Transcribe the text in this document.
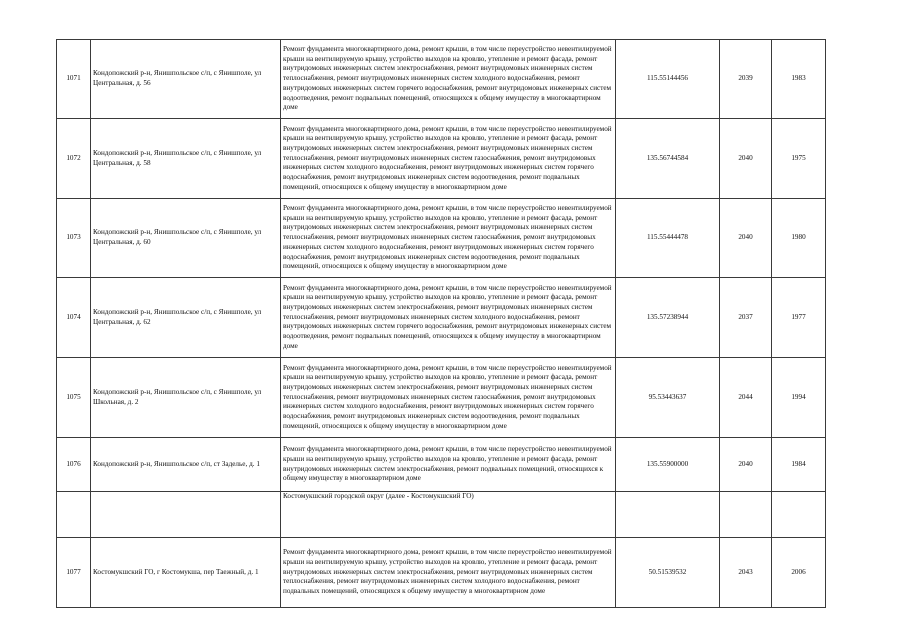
1071	Кондопожский р-н, Янишпольское с/п, с Янишполе, ул Центральная, д. 56	Ремонт фундамента многоквартирного дома, ремонт крыши, в том числе переустройство невентилируемой крыши на вентилируемую крышу, устройство выходов на кровлю, утепление и ремонт фасада, ремонт внутридомовых инженерных систем электроснабжения, ремонт внутридомовых инженерных систем теплоснабжения, ремонт внутридомовых инженерных систем холодного водоснабжения, ремонт внутридомовых инженерных систем горячего водоснабжения, ремонт внутридомовых инженерных систем водоотведения, ремонт подвальных помещений, относящихся к общему имуществу в многоквартирном доме	115.55144456	2039	1983
1072	Кондопожский р-н, Янишпольское с/п, с Янишполе, ул Центральная, д. 58	Ремонт фундамента многоквартирного дома, ремонт крыши, в том числе переустройство невентилируемой крыши на вентилируемую крышу, устройство выходов на кровлю, утепление и ремонт фасада, ремонт внутридомовых инженерных систем электроснабжения, ремонт внутридомовых инженерных систем теплоснабжения, ремонт внутридомовых инженерных систем газоснабжения, ремонт внутридомовых инженерных систем холодного водоснабжения, ремонт внутридомовых инженерных систем горячего водоснабжения, ремонт внутридомовых инженерных систем водоотведения, ремонт подвальных помещений, относящихся к общему имуществу в многоквартирном доме	135.56744584	2040	1975
1073	Кондопожский р-н, Янишпольское с/п, с Янишполе, ул Центральная, д. 60	Ремонт фундамента многоквартирного дома, ремонт крыши, в том числе переустройство невентилируемой крыши на вентилируемую крышу, устройство выходов на кровлю, утепление и ремонт фасада, ремонт внутридомовых инженерных систем электроснабжения, ремонт внутридомовых инженерных систем теплоснабжения, ремонт внутридомовых инженерных систем газоснабжения, ремонт внутридомовых инженерных систем холодного водоснабжения, ремонт внутридомовых инженерных систем горячего водоснабжения, ремонт внутридомовых инженерных систем водоотведения, ремонт подвальных помещений, относящихся к общему имуществу в многоквартирном доме	115.55444478	2040	1980
1074	Кондопожский р-н, Янишпольское с/п, с Янишполе, ул Центральная, д. 62	Ремонт фундамента многоквартирного дома, ремонт крыши, в том числе переустройство невентилируемой крыши на вентилируемую крышу, устройство выходов на кровлю, утепление и ремонт фасада, ремонт внутридомовых инженерных систем электроснабжения, ремонт внутридомовых инженерных систем теплоснабжения, ремонт внутридомовых инженерных систем холодного водоснабжения, ремонт внутридомовых инженерных систем горячего водоснабжения, ремонт внутридомовых инженерных систем водоотведения, ремонт подвальных помещений, относящихся к общему имуществу в многоквартирном доме	135.57238944	2037	1977
1075	Кондопожский р-н, Янишпольское с/п, с Янишполе, ул Школьная, д. 2	Ремонт фундамента многоквартирного дома, ремонт крыши, в том числе переустройство невентилируемой крыши на вентилируемую крышу, устройство выходов на кровлю, утепление и ремонт фасада, ремонт внутридомовых инженерных систем электроснабжения, ремонт внутридомовых инженерных систем теплоснабжения, ремонт внутридомовых инженерных систем газоснабжения, ремонт внутридомовых инженерных систем холодного водоснабжения, ремонт внутридомовых инженерных систем горячего водоснабжения, ремонт внутридомовых инженерных систем водоотведения, ремонт подвальных помещений, относящихся к общему имуществу в многоквартирном доме	95.53443637	2044	1994
1076	Кондопожский р-н, Янишпольское с/п, ст Заделье, д. 1	Ремонт фундамента многоквартирного дома, ремонт крыши, в том числе переустройство невентилируемой крыши на вентилируемую крышу, устройство выходов на кровлю, утепление и ремонт фасада, ремонт внутридомовых инженерных систем электроснабжения, ремонт подвальных помещений, относящихся к общему имуществу в многоквартирном доме	135.55900000	2040	1984
		Костомукшский городской округ (далее - Костомукшский ГО)			
1077	Костомукшский ГО, г Костомукша, пер Таежный, д. 1	Ремонт фундамента многоквартирного дома, ремонт крыши, в том числе переустройство невентилируемой крыши на вентилируемую крышу, устройство выходов на кровлю, утепление и ремонт фасада, ремонт внутридомовых инженерных систем электроснабжения, ремонт внутридомовых инженерных систем теплоснабжения, ремонт внутридомовых инженерных систем холодного водоснабжения, ремонт подвальных помещений, относящихся к общему имуществу в многоквартирном доме	50.51539532	2043	2006
